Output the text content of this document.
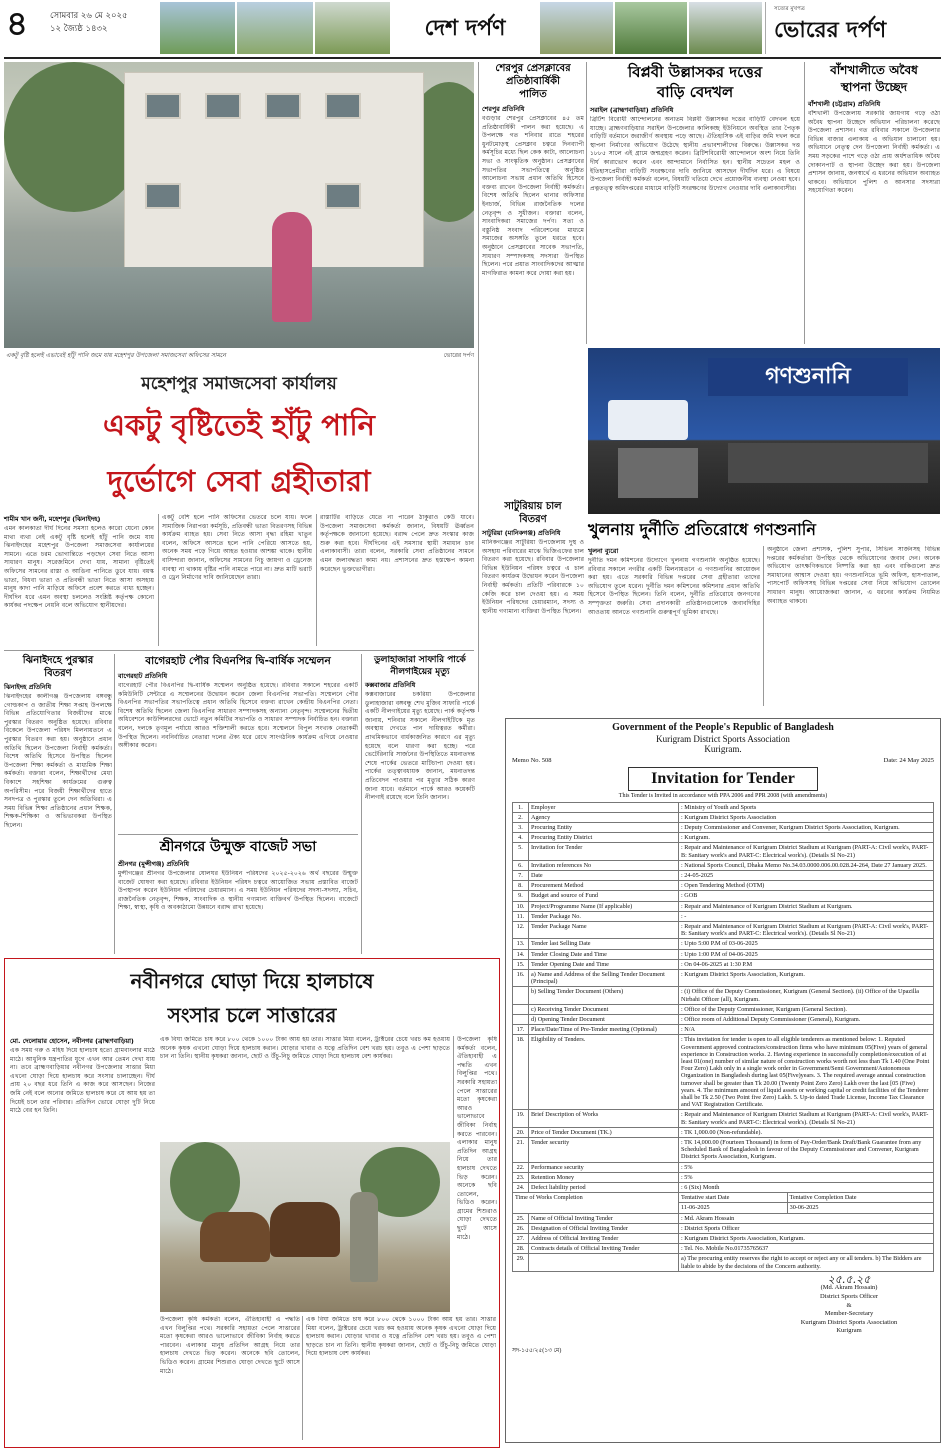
৪	সোমবার ২৬ মে ২০২৫
১২ জ্যৈষ্ঠ ১৪৩২	দেশ দর্পণ
সত্যের মুখপত্র
ভোরের দর্পণ
একটু বৃষ্টি হলেই এভাবেই হাঁটু পানি জমে যায় মহেশপুর উপজেলা সমাজসেবা অফিসের সামনে	ভোরের দর্পণ
মহেশপুর সমাজসেবা কার্যালয়
একটু বৃষ্টিতেই হাঁটু পানি
দুর্ভোগে সেবা গ্রহীতারা
শামীম খান জনী, মহেশপুর (ঝিনাইদহ)
এমন কালকাতা দীর্ঘ দিনের সমস্যা হলেও কারো যেনো কোন মাথা ব্যথা নেই একটু বৃষ্টি হলেই হাঁটু পানি জমে যায় ঝিনাইদহের মহেশপুর উপজেলা সমাজসেবা কার্যালয়ের সামনে। এতে চরম ভোগান্তিতে পড়ছেন সেবা নিতে আসা সাধারণ মানুষ। সরেজমিনে দেখা যায়, সামান্য বৃষ্টিতেই অফিসের সামনের রাস্তা ও আঙিনা পানিতে ডুবে যায়। বয়স্ক ভাতা, বিধবা ভাতা ও প্রতিবন্ধী ভাতা নিতে আসা অসহায় মানুষ কাদা পানি মাড়িয়ে অফিসে প্রবেশ করতে বাধ্য হচ্ছেন। দীর্ঘদিন ধরে এমন অবস্থা চললেও সংশ্লিষ্ট কর্তৃপক্ষ কোনো কার্যকর পদক্ষেপ নেয়নি বলে অভিযোগ স্থানীয়দের।
একটু বেশি হলে পানি অফিসের ভেতরে চলে যায়। ফলে সামাজিক নিরাপত্তা কর্মসূচি, প্রতিবন্ধী ভাতা বিতরণসহ বিভিন্ন কার্যক্রম ব্যাহত হয়। সেবা নিতে আসা বৃদ্ধা রহিমা খাতুন বলেন, অফিসে আসতে হলে পানি পেরিয়ে আসতে হয়, অনেক সময় পড়ে গিয়ে আহত হওয়ার আশঙ্কা থাকে। স্থানীয় বাসিন্দারা জানান, অফিসের সামনের নিচু জায়গা ও ড্রেনেজ ব্যবস্থা না থাকায় বৃষ্টির পানি নামতে পারে না। দ্রুত মাটি ভরাট ও ড্রেন নির্মাণের দাবি জানিয়েছেন তারা।
রাস্তাটির বাড়িতে যেতে না পারেন ঠাকুরাও কেউ যাবে। উপজেলা সমাজসেবা কর্মকর্তা জানান, বিষয়টি ঊর্ধ্বতন কর্তৃপক্ষকে জানানো হয়েছে। বরাদ্দ পেলে দ্রুত সংস্কার কাজ শুরু করা হবে। দীর্ঘদিনের এই সমস্যার স্থায়ী সমাধান চান এলাকাবাসী। তারা বলেন, সরকারি সেবা প্রতিষ্ঠানের সামনে এমন জলাবদ্ধতা কাম্য নয়। প্রশাসনের দ্রুত হস্তক্ষেপ কামনা করেছেন ভুক্তভোগীরা।
শেরপুর প্রেসক্লাবের
প্রতিষ্ঠাবার্ষিকী
পালিত
শেরপুর প্রতিনিধি
বগুড়ার শেরপুর প্রেসক্লাবের ৪৫ তম প্রতিষ্ঠাবার্ষিকী পালন করা হয়েছে। এ উপলক্ষে গত শনিবার রাতে শহরের ধুনটমোড়স্থ প্রেসক্লাব চত্বরে দিনব্যাপী কর্মসূচির মধ্যে ছিল কেক কাটা, আলোচনা সভা ও সাংস্কৃতিক অনুষ্ঠান। প্রেসক্লাবের সভাপতির সভাপতিত্বে অনুষ্ঠিত আলোচনা সভায় প্রধান অতিথি হিসেবে বক্তব্য রাখেন উপজেলা নির্বাহী কর্মকর্তা। বিশেষ অতিথি ছিলেন থানার অফিসার ইনচার্জ, বিভিন্ন রাজনৈতিক দলের নেতৃবৃন্দ ও সুধীজন। বক্তারা বলেন, সাংবাদিকরা সমাজের দর্পণ। সত্য ও বস্তুনিষ্ঠ সংবাদ পরিবেশনের মাধ্যমে সমাজের অসঙ্গতি তুলে ধরতে হবে। অনুষ্ঠানে প্রেসক্লাবের সাবেক সভাপতি, সাধারণ সম্পাদকসহ সদস্যরা উপস্থিত ছিলেন। পরে প্রয়াত সাংবাদিকদের আত্মার মাগফিরাত কামনা করে দোয়া করা হয়।
বিপ্লবী উল্লাসকর দত্তের
বাড়ি বেদখল
সরাইল (ব্রাহ্মণবাড়িয়া) প্রতিনিধি
ব্রিটিশ বিরোধী আন্দোলনের অন্যতম বিপ্লবী উল্লাসকর দত্তের বাড়িটি বেদখল হয়ে যাচ্ছে। ব্রাহ্মণবাড়িয়ার সরাইল উপজেলার কালিকচ্ছ ইউনিয়নে অবস্থিত তার পৈতৃক বাড়িটি বর্তমানে জরাজীর্ণ অবস্থায় পড়ে আছে। ঐতিহাসিক এই বাড়ির জমি দখল করে স্থাপনা নির্মাণের অভিযোগ উঠেছে স্থানীয় প্রভাবশালীদের বিরুদ্ধে। উল্লাসকর দত্ত ১৮৮৫ সালে এই গ্রামে জন্মগ্রহণ করেন। ব্রিটিশবিরোধী আন্দোলনে অংশ নিয়ে তিনি দীর্ঘ কারাভোগ করেন এবং আন্দামানে নির্বাসিত হন। স্থানীয় সচেতন মহল ও ইতিহাসপ্রেমীরা বাড়িটি সংরক্ষণের দাবি জানিয়ে আসছেন দীর্ঘদিন ধরে। এ বিষয়ে উপজেলা নির্বাহী কর্মকর্তা বলেন, বিষয়টি খতিয়ে দেখে প্রয়োজনীয় ব্যবস্থা নেওয়া হবে। প্রত্নতত্ত্ব অধিদপ্তরের মাধ্যমে বাড়িটি সংরক্ষণের উদ্যোগ নেওয়ার দাবি এলাকাবাসীর।
বাঁশখালীতে অবৈধ
স্থাপনা উচ্ছেদ
বাঁশখালী (চট্টগ্রাম) প্রতিনিধি
বাঁশখালী উপজেলায় সরকারি জায়গায় গড়ে ওঠা অবৈধ স্থাপনা উচ্ছেদে অভিযান পরিচালনা করেছে উপজেলা প্রশাসন। গত রবিবার সকালে উপজেলার বিভিন্ন বাজার এলাকায় এ অভিযান চালানো হয়। অভিযানে নেতৃত্ব দেন উপজেলা নির্বাহী কর্মকর্তা। এ সময় সড়কের পাশে গড়ে ওঠা প্রায় অর্ধশতাধিক অবৈধ দোকানপাট ও স্থাপনা উচ্ছেদ করা হয়। উপজেলা প্রশাসন জানায়, জনস্বার্থে এ ধরনের অভিযান অব্যাহত থাকবে। অভিযানে পুলিশ ও আনসার সদস্যরা সহযোগিতা করেন।
গণশুনানি
খুলনায় দুর্নীতি প্রতিরোধে গণশুনানি
খুলনা ব্যুরো
দুর্নীতি দমন কমিশনের উদ্যোগে খুলনায় গণশুনানি অনুষ্ঠিত হয়েছে। রবিবার সকালে নগরীর একটি মিলনায়তনে এ গণশুনানির আয়োজন করা হয়। এতে সরকারি বিভিন্ন দপ্তরের সেবা গ্রহীতারা তাদের অভিযোগ তুলে ধরেন। দুর্নীতি দমন কমিশনের কমিশনার প্রধান অতিথি হিসেবে উপস্থিত ছিলেন। তিনি বলেন, দুর্নীতি প্রতিরোধে জনগণের সম্পৃক্ততা জরুরি। সেবা প্রদানকারী প্রতিষ্ঠানগুলোকে জবাবদিহির আওতায় আনতে গণশুনানি গুরুত্বপূর্ণ ভূমিকা রাখছে।
অনুষ্ঠানে জেলা প্রশাসক, পুলিশ সুপার, সিভিল সার্জনসহ বিভিন্ন দপ্তরের কর্মকর্তারা উপস্থিত থেকে অভিযোগের জবাব দেন। অনেক অভিযোগ তাৎক্ষণিকভাবে নিষ্পত্তি করা হয় এবং বাকিগুলো দ্রুত সমাধানের আশ্বাস দেওয়া হয়। গণশুনানিতে ভূমি অফিস, হাসপাতাল, পাসপোর্ট অফিসসহ বিভিন্ন দপ্তরের সেবা নিয়ে অভিযোগ তোলেন সাধারণ মানুষ। আয়োজকরা জানান, এ ধরনের কার্যক্রম নিয়মিত অব্যাহত থাকবে।
সাটুরিয়ায় চাল
বিতরণ
সাটুরিয়া (মানিকগঞ্জ) প্রতিনিধি
মানিকগঞ্জের সাটুরিয়া উপজেলায় দুস্থ ও অসহায় পরিবারের মাঝে ভিজিএফের চাল বিতরণ করা হয়েছে। রবিবার উপজেলার বিভিন্ন ইউনিয়ন পরিষদ চত্বরে এ চাল বিতরণ কার্যক্রম উদ্বোধন করেন উপজেলা নির্বাহী কর্মকর্তা। প্রতিটি পরিবারকে ১০ কেজি করে চাল দেওয়া হয়। এ সময় ইউনিয়ন পরিষদের চেয়ারম্যান, সদস্য ও স্থানীয় গণ্যমান্য ব্যক্তিরা উপস্থিত ছিলেন।
ঝিনাইদহে পুরস্কার
বিতরণ
ঝিনাইদহ প্রতিনিধি
ঝিনাইদহের কালীগঞ্জ উপজেলায় বঙ্গবন্ধু গোল্ডকাপ ও জাতীয় শিক্ষা সপ্তাহ উপলক্ষে বিভিন্ন প্রতিযোগিতার বিজয়ীদের মাঝে পুরস্কার বিতরণ অনুষ্ঠিত হয়েছে। রবিবার বিকেলে উপজেলা পরিষদ মিলনায়তনে এ পুরস্কার বিতরণ করা হয়। অনুষ্ঠানে প্রধান অতিথি ছিলেন উপজেলা নির্বাহী কর্মকর্তা। বিশেষ অতিথি হিসেবে উপস্থিত ছিলেন উপজেলা শিক্ষা কর্মকর্তা ও মাধ্যমিক শিক্ষা কর্মকর্তা। বক্তারা বলেন, শিক্ষার্থীদের মেধা বিকাশে সহশিক্ষা কার্যক্রমের গুরুত্ব অপরিসীম। পরে বিজয়ী শিক্ষার্থীদের হাতে সনদপত্র ও পুরস্কার তুলে দেন অতিথিরা। এ সময় বিভিন্ন শিক্ষা প্রতিষ্ঠানের প্রধান শিক্ষক, শিক্ষক-শিক্ষিকা ও অভিভাবকরা উপস্থিত ছিলেন।
বাগেরহাট পৌর বিএনপির দ্বি-বার্ষিক সম্মেলন
বাগেরহাট প্রতিনিধি
বাগেরহাট পৌর বিএনপির দ্বি-বার্ষিক সম্মেলন অনুষ্ঠিত হয়েছে। রবিবার সকালে শহরের একটি কমিউনিটি সেন্টারে এ সম্মেলনের উদ্বোধন করেন জেলা বিএনপির সভাপতি। সম্মেলনে পৌর বিএনপির সভাপতির সভাপতিত্বে প্রধান অতিথি হিসেবে বক্তব্য রাখেন কেন্দ্রীয় বিএনপির নেতা। বিশেষ অতিথি ছিলেন জেলা বিএনপির সাধারণ সম্পাদকসহ অন্যান্য নেতৃবৃন্দ। সম্মেলনের দ্বিতীয় অধিবেশনে কাউন্সিলরদের ভোটে নতুন কমিটির সভাপতি ও সাধারণ সম্পাদক নির্বাচিত হন। বক্তারা বলেন, দলকে তৃণমূল পর্যায়ে আরও শক্তিশালী করতে হবে। সম্মেলনে বিপুল সংখ্যক নেতাকর্মী উপস্থিত ছিলেন। নবনির্বাচিত নেতারা দলের ঐক্য ধরে রেখে সাংগঠনিক কার্যক্রম এগিয়ে নেওয়ার অঙ্গীকার করেন।
শ্রীনগরে উন্মুক্ত বাজেট সভা
শ্রীনগর (মুন্সীগঞ্জ) প্রতিনিধি
মুন্সীগঞ্জের শ্রীনগর উপজেলার ষোলঘর ইউনিয়ন পরিষদের ২০২৫-২০২৬ অর্থ বছরের উন্মুক্ত বাজেট ঘোষণা করা হয়েছে। রবিবার ইউনিয়ন পরিষদ চত্বরে আয়োজিত সভায় প্রস্তাবিত বাজেট উপস্থাপন করেন ইউনিয়ন পরিষদের চেয়ারম্যান। এ সময় ইউনিয়ন পরিষদের সদস্য-সদস্যা, সচিব, রাজনৈতিক নেতৃবৃন্দ, শিক্ষক, সাংবাদিক ও স্থানীয় গণ্যমান্য ব্যক্তিবর্গ উপস্থিত ছিলেন। বাজেটে শিক্ষা, স্বাস্থ্য, কৃষি ও অবকাঠামো উন্নয়নে বরাদ্দ রাখা হয়েছে।
ডুলাহাজারা সাফারি পার্কে
নীলগাইয়ের মৃত্যু
কক্সবাজার প্রতিনিধি
কক্সবাজারের চকরিয়া উপজেলার ডুলাহাজারা বঙ্গবন্ধু শেখ মুজিব সাফারি পার্কে একটি নীলগাইয়ের মৃত্যু হয়েছে। পার্ক কর্তৃপক্ষ জানায়, শনিবার সকালে নীলগাইটিকে মৃত অবস্থায় দেখতে পান দায়িত্বরত কর্মীরা। প্রাথমিকভাবে বার্ধক্যজনিত কারণে এর মৃত্যু হয়েছে বলে ধারণা করা হচ্ছে। পরে ভেটেরিনারি সার্জনের উপস্থিতিতে ময়নাতদন্ত শেষে পার্কের ভেতরে মাটিচাপা দেওয়া হয়। পার্কের তত্ত্বাবধায়ক জানান, ময়নাতদন্ত প্রতিবেদন পাওয়ার পর মৃত্যুর সঠিক কারণ জানা যাবে। বর্তমানে পার্কে আরও কয়েকটি নীলগাই রয়েছে বলে তিনি জানান।
নবীনগরে ঘোড়া দিয়ে হালচাষে
সংসার চলে সাত্তারের
মো. দেলোয়ার হোসেন, নবীনগর (ব্রাহ্মণবাড়িয়া)
এক সময় গরু ও মহিষ দিয়ে হালচাষ হতো গ্রামবাংলার মাঠে মাঠে। আধুনিক যন্ত্রপাতির যুগে এখন আর তেমন দেখা যায় না। তবে ব্রাহ্মণবাড়িয়ার নবীনগর উপজেলার সাত্তার মিয়া এখনো ঘোড়া দিয়ে হালচাষ করে সংসার চালাচ্ছেন। দীর্ঘ প্রায় ২০ বছর ধরে তিনি এ কাজ করে আসছেন। নিজের জমি নেই বলে অন্যের জমিতে হালচাষ করে যে আয় হয় তা দিয়েই চলে তার পরিবার। প্রতিদিন ভোরে ঘোড়া দুটি নিয়ে মাঠে বের হন তিনি।
এক বিঘা জমিতে চাষ করে ৮০০ থেকে ১০০০ টাকা আয় হয় তার। সাত্তার মিয়া বলেন, ট্রাক্টরের চেয়ে খরচ কম হওয়ায় অনেক কৃষক এখনো ঘোড়া দিয়ে হালচাষ করান। ঘোড়ার খাবার ও যত্নে প্রতিদিন বেশ খরচ হয়। তবুও এ পেশা ছাড়তে চান না তিনি। স্থানীয় কৃষকরা জানান, ছোট ও উঁচু-নিচু জমিতে ঘোড়া দিয়ে হালচাষ বেশ কার্যকর।
উপজেলা কৃষি কর্মকর্তা বলেন, ঐতিহ্যবাহী এ পদ্ধতি এখন বিলুপ্তির পথে। সরকারি সহায়তা পেলে সাত্তারের মতো কৃষকেরা আরও ভালোভাবে জীবিকা নির্বাহ করতে পারবেন। এলাকার মানুষ প্রতিদিন আগ্রহ নিয়ে তার হালচাষ দেখতে ভিড় করেন। অনেকে ছবি তোলেন, ভিডিও করেন। গ্রামের শিশুরাও ঘোড়া দেখতে ছুটে আসে মাঠে।
এক বিঘা জমিতে চাষ করে ৮০০ থেকে ১০০০ টাকা আয় হয় তার। সাত্তার মিয়া বলেন, ট্রাক্টরের চেয়ে খরচ কম হওয়ায় অনেক কৃষক এখনো ঘোড়া দিয়ে হালচাষ করান। ঘোড়ার খাবার ও যত্নে প্রতিদিন বেশ খরচ হয়। তবুও এ পেশা ছাড়তে চান না তিনি। স্থানীয় কৃষকরা জানান, ছোট ও উঁচু-নিচু জমিতে ঘোড়া দিয়ে হালচাষ বেশ কার্যকর।
উপজেলা কৃষি কর্মকর্তা বলেন, ঐতিহ্যবাহী এ পদ্ধতি এখন বিলুপ্তির পথে। সরকারি সহায়তা পেলে সাত্তারের মতো কৃষকেরা আরও ভালোভাবে জীবিকা নির্বাহ করতে পারবেন। এলাকার মানুষ প্রতিদিন আগ্রহ নিয়ে তার হালচাষ দেখতে ভিড় করেন। অনেকে ছবি তোলেন, ভিডিও করেন। গ্রামের শিশুরাও ঘোড়া দেখতে ছুটে আসে মাঠে।
Government of the People's Republic of Bangladesh
Kurigram District Sports Association
Kurigram.
Memo No. 508	Date: 24 May 2025
Invitation for Tender
This Tender is Invited in accordance with PPA 2006 and PPR 2008 (with amendments)
1.	Employer	: Ministry of Youth and Sports
2.	Agency	: Kurigram District Sports Association
3.	Procuring Entity	: Deputy Commissioner and Convener, Kurigram District Sports Association, Kurigram.
4.	Procuring Entity District	: Kurigram.
5.	Invitation for Tender	: Repair and Maintenance of Kurigram District Stadium at Kurigram (PART-A: Civil work's, PART-B: Sanitary work's and PART-C: Electrical work's). (Details Sl No-21)
6.	Invitation references No	: National Sports Council, Dhaka Memo No.34.03.0000.006.00.028.24-264, Date 27 January 2025.
7.	Date	: 24-05-2025
8.	Procurement Method	: Open Tendering Method (OTM)
9.	Budget and source of Fund	: GOB
10.	Project/Programme Name (If applicable)	: Repair and Maintenance of Kurigram District Stadium at Kurigram.
11.	Tender Package No.	: -
12.	Tender Package Name	: Repair and Maintenance of Kurigram District Stadium at Kurigram (PART-A: Civil work's, PART-B: Sanitary work's and PART-C: Electrical work's). (Details Sl No-21)
13.	Tender last Selling Date	: Upto 5:00 P.M of 03-06-2025
14.	Tender Closing Date and Time	: Upto 1:00 P.M of 04-06-2025
15.	Tender Opening Date and Time	: On 04-06-2025 at 1:30 P.M
16.	a) Name and Address of the Selling Tender Document (Principal)	: Kurigram District Sports Association, Kurigram.
	b) Selling Tender Document (Others)	: (i) Office of the Deputy Commissioner, Kurigram (General Section). (ii) Office of the Upazilla Nirbahi Officer (all), Kurigram.
	c) Receiving Tender Document	: Office of the Deputy Commissioner, Kurigram (General Section).
	d) Opening Tender Document	: Office room of Additional Deputy Commissioner (General), Kurigram.
17.	Place/Date/Time of Pre-Tender meeting (Optional)	: N/A
18.	Eligibility of Tenders.	: This invitation for tender is open to all eligible tenderers as mentioned below: 1. Reputed Government approved contractors/construction firms who have minimum 05(Five) years of general experience in Construction works. 2. Having experience in successfully completion/execution of at least 01(one) number of similar nature of construction works worth not less than Tk 1.40 (One Point Four Zero) Lakh only in a single work order in Government/Semi Government/Autonomous Organization in Bangladesh during last 05(Five)years. 3. The required average annual construction turnover shall be greater than Tk 20.00 (Twenty Point Zero Zero) Lakh over the last [05 (Five) years. 4. The minimum amount of liquid assets or working capital or credit facilities of the Tenderer shall be Tk 2.50 (Two Point five Zero) Lakh. 5. Up-to dated Trade License, Income Tax Clearance and VAT Registration Certificate.
19.	Brief Description of Works	: Repair and Maintenance of Kurigram District Stadium at Kurigram (PART-A: Civil work's, PART-B: Sanitary work's and PART-C: Electrical work's). (Details Sl No-21)
20.	Price of Tender Document (TK.)	: TK 1,000.00 (Non-refundable).
21.	Tender security	: TK 14,000.00 (Fourteen Thousand) in form of Pay-Order/Bank Draft/Bank Guarantee from any Scheduled Bank of Bangladesh in favour of the Deputy Commissioner and Convener, Kurigram District Sports Association, Kurigram.
22.	Performance security	: 5%
23.	Retention Money	: 5%
24.	Defect liability period	: 6 (Six) Month
Time of Works Completion	Tentative start Date	Tentative Completion Date
	11-06-2025	30-06-2025
25.	Name of Official Inviting Tender	: Md. Akram Hossain
26.	Designation of Official Inviting Tender	: District Sports Officer
27.	Address of Official Inviting Tender	: Kurigram District Sports Association, Kurigram.
28.	Contracts details of Official Inviting Tender	: Tel. No. Mobile No.01735765637
29.		a) The procuring entity reserves the right to accept or reject any or all tenders. b) The Bidders are liable to abide by the decisions of the Concern authority.
২৫.৫.২৫
(Md. Akram Hossain)
District Sports Officer
&
Member-Secretary
Kurigram District Sports Association
Kurigram
সদ-১৫৫/২৫(১৩ মে)
